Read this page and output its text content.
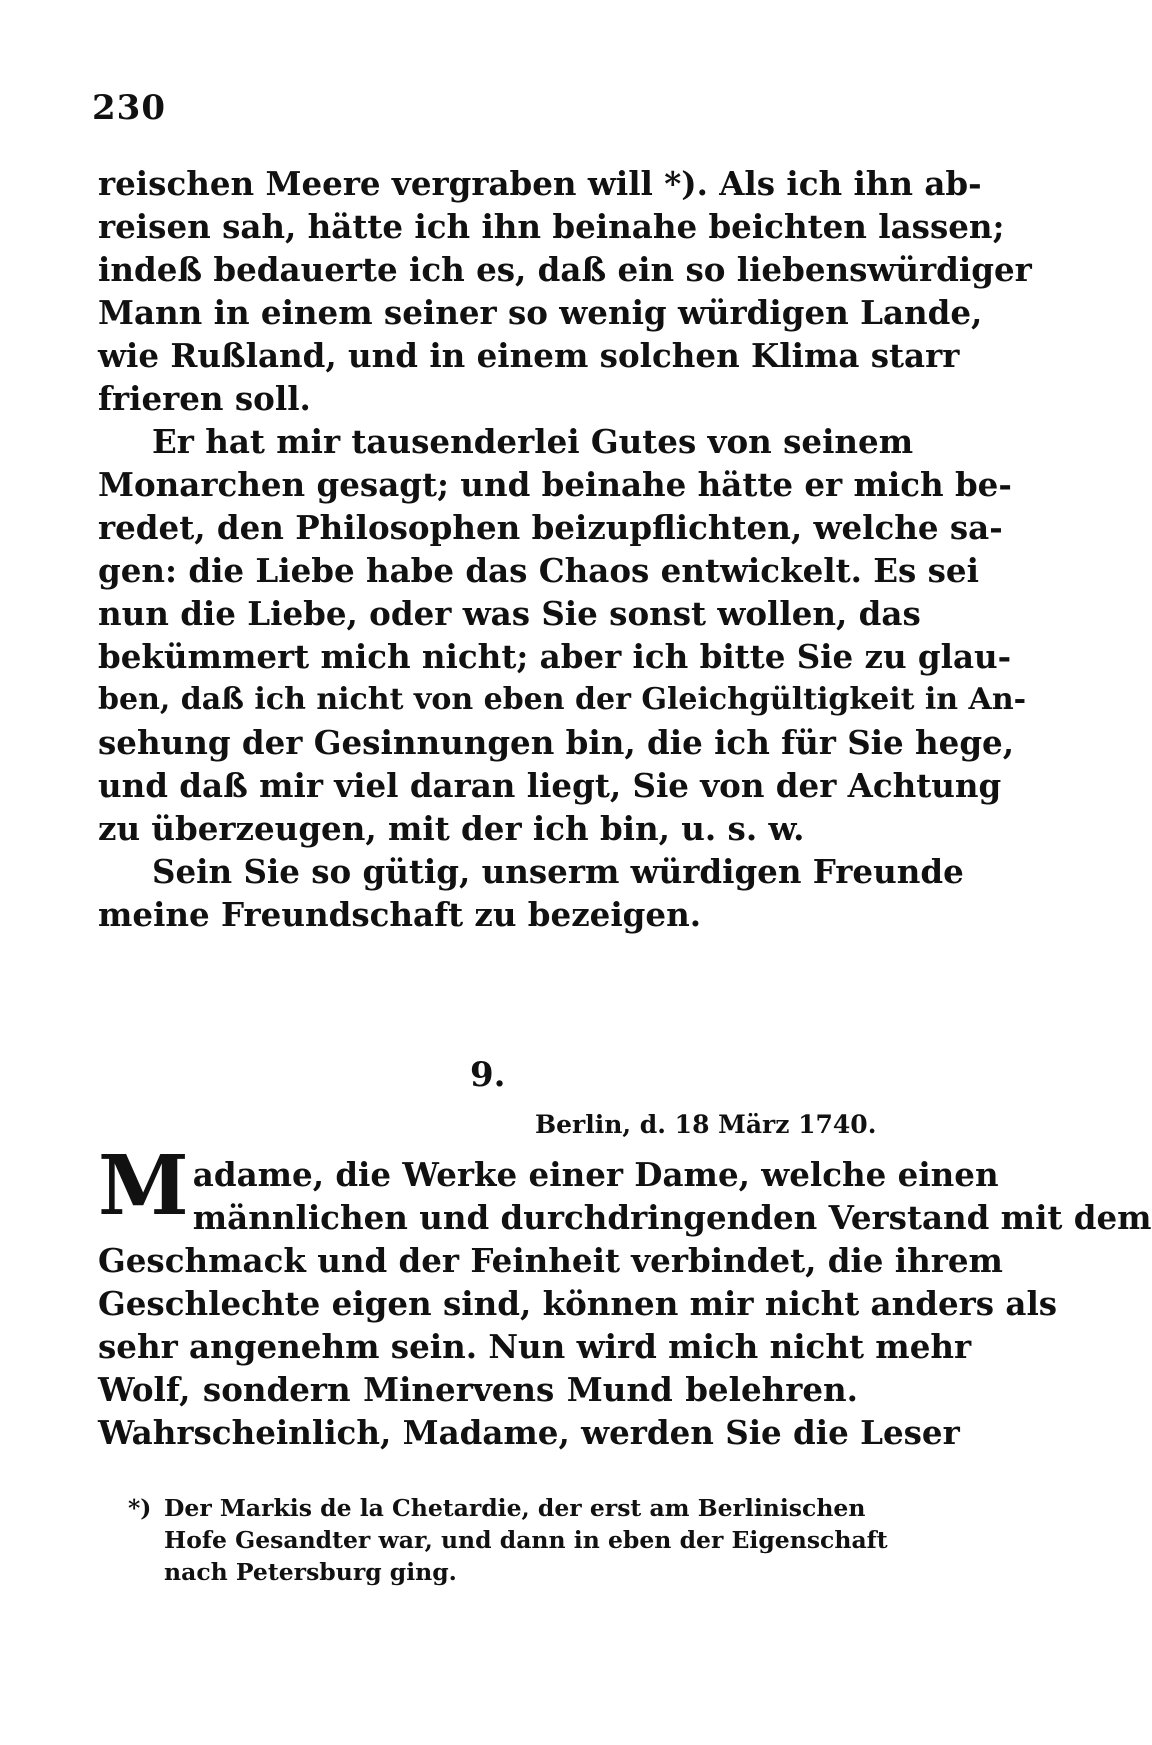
230
reischen Meere vergraben will *). Als ich ihn ab-
reisen sah, hätte ich ihn beinahe beichten lassen;
indeß bedauerte ich es, daß ein so liebenswürdiger
Mann in einem seiner so wenig würdigen Lande,
wie Rußland, und in einem solchen Klima starr
frieren soll.
Er hat mir tausenderlei Gutes von seinem
Monarchen gesagt; und beinahe hätte er mich be-
redet, den Philosophen beizupflichten, welche sa-
gen: die Liebe habe das Chaos entwickelt. Es sei
nun die Liebe, oder was Sie sonst wollen, das
bekümmert mich nicht; aber ich bitte Sie zu glau-
ben, daß ich nicht von eben der Gleichgültigkeit in An-
sehung der Gesinnungen bin, die ich für Sie hege,
und daß mir viel daran liegt, Sie von der Achtung
zu überzeugen, mit der ich bin, u. s. w.
Sein Sie so gütig, unserm würdigen Freunde
meine Freundschaft zu bezeigen.
9.
Berlin, d. 18 März 1740.
Madame, die Werke einer Dame, welche einen
männlichen und durchdringenden Verstand mit dem
Geschmack und der Feinheit verbindet, die ihrem
Geschlechte eigen sind, können mir nicht anders als
sehr angenehm sein. Nun wird mich nicht mehr
Wolf, sondern Minervens Mund belehren.
Wahrscheinlich, Madame, werden Sie die Leser
*) Der Markis de la Chetardie, der erst am Berlinischen
Hofe Gesandter war, und dann in eben der Eigenschaft
nach Petersburg ging.
